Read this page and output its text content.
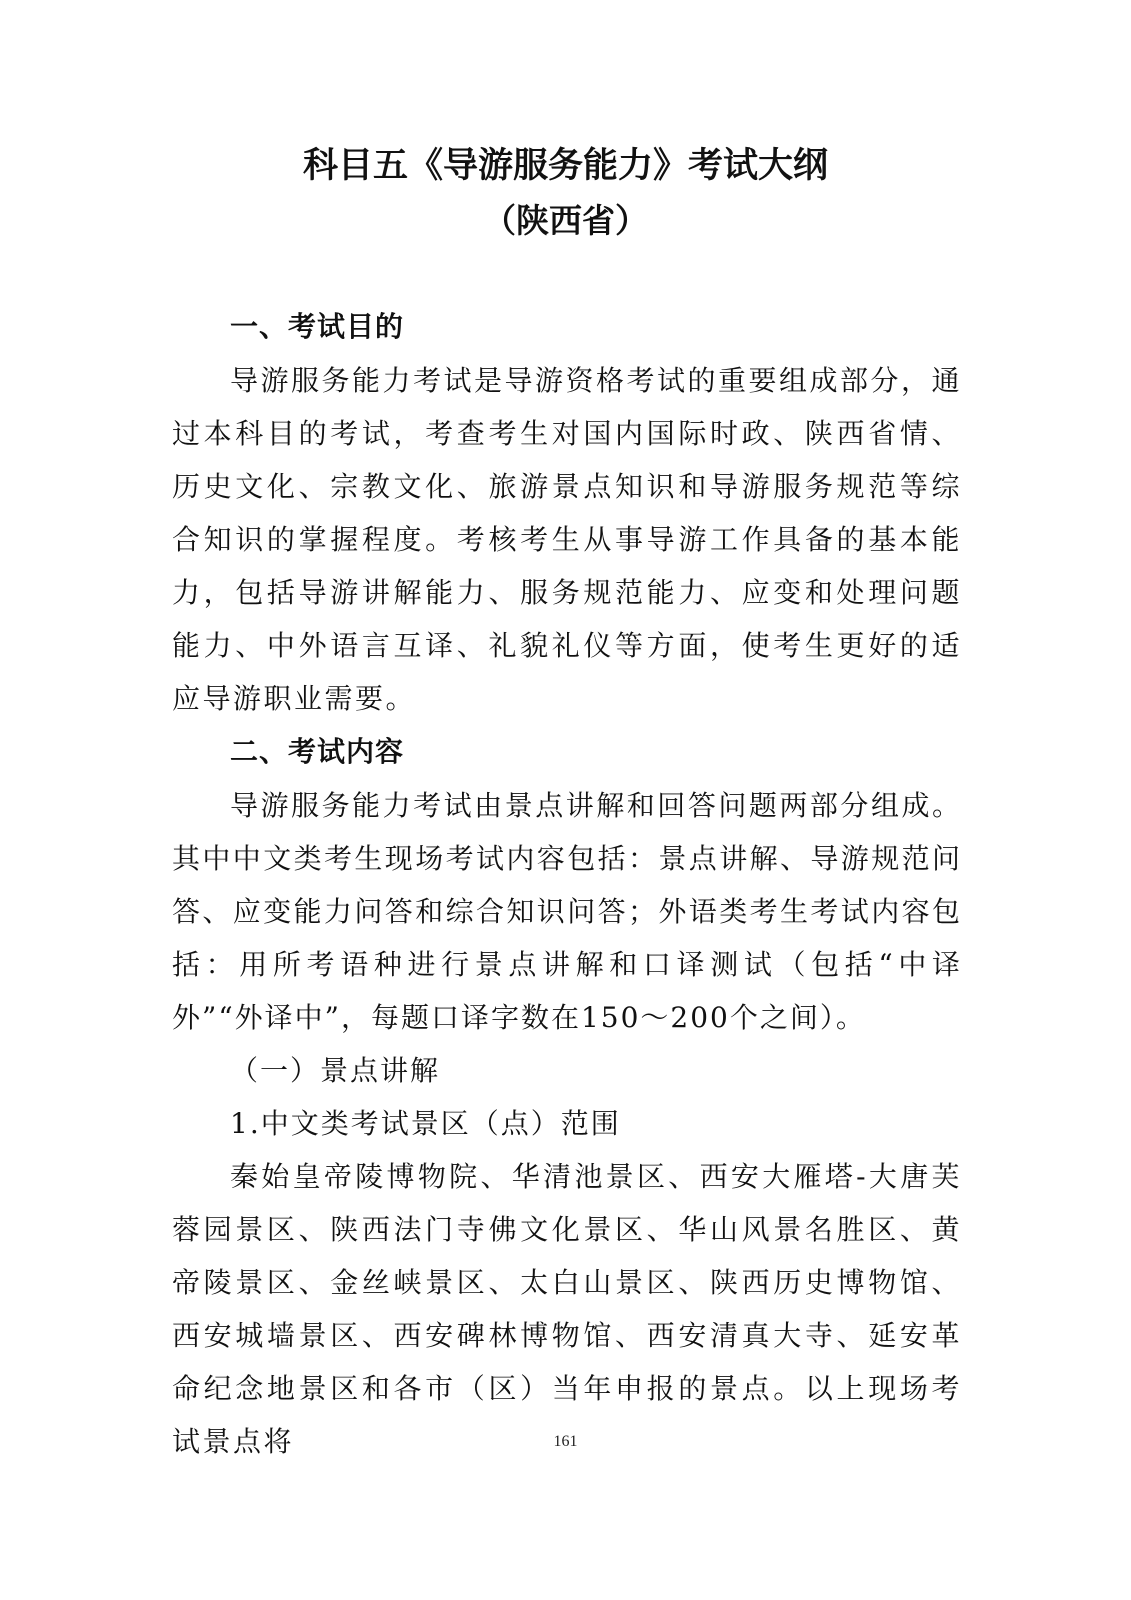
科目五《导游服务能力》考试大纲
（陕西省）
一、考试目的

导游服务能力考试是导游资格考试的重要组成部分，通过本科目的考试，考查考生对国内国际时政、陕西省情、历史文化、宗教文化、旅游景点知识和导游服务规范等综合知识的掌握程度。考核考生从事导游工作具备的基本能力，包括导游讲解能力、服务规范能力、应变和处理问题能力、中外语言互译、礼貌礼仪等方面，使考生更好的适应导游职业需要。

二、考试内容

导游服务能力考试由景点讲解和回答问题两部分组成。其中中文类考生现场考试内容包括：景点讲解、导游规范问答、应变能力问答和综合知识问答；外语类考生考试内容包括：用所考语种进行景点讲解和口译测试（包括“中译外”“外译中”，每题口译字数在150～200个之间）。

（一）景点讲解

1.中文类考试景区（点）范围

秦始皇帝陵博物院、华清池景区、西安大雁塔-大唐芙蓉园景区、陕西法门寺佛文化景区、华山风景名胜区、黄帝陵景区、金丝峡景区、太白山景区、陕西历史博物馆、西安城墙景区、西安碑林博物馆、西安清真大寺、延安革命纪念地景区和各市（区）当年申报的景点。以上现场考试景点将	161
